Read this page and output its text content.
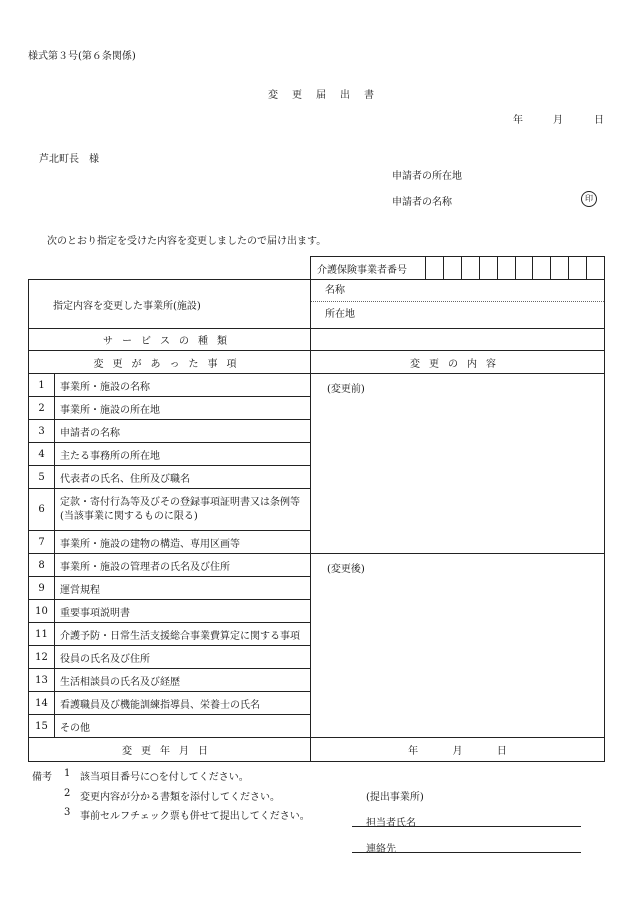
様式第３号(第６条関係)
変　更　届　出　書
年	月	日
芦北町長　様
申請者の所在地
申請者の名称	印
次のとおり指定を受けた内容を変更しましたので届け出ます。

介護保険事業者番号

指定内容を変更した事業所(施設)		名称
所在地

サービスの種類		
変更があった事項		変更の内容
1	事業所・施設の名称	(変更前)
2	事業所・施設の所在地	
3	申請者の名称	
4	主たる事務所の所在地	
5	代表者の氏名、住所及び職名	
6	定款・寄付行為等及びその登録事項証明書又は条例等
(当該事業に関するものに限る)	

7	事業所・施設の建物の構造、専用区画等	
8	事業所・施設の管理者の氏名及び住所	(変更後)
9	運営規程	
10	重要事項説明書	
11	介護予防・日常生活支援総合事業費算定に関する事項	
12	役員の氏名及び住所	
13	生活相談員の氏名及び経歴	
14	看護職員及び機能訓練指導員、栄養士の氏名	
15	その他	
変更年月日		年 月 日
備考 1 該当項目番号に○を付してください。
2 変更内容が分かる書類を添付してください。
3 事前セルフチェック票も併せて提出してください。
(提出事業所)
担当者氏名
連絡先
